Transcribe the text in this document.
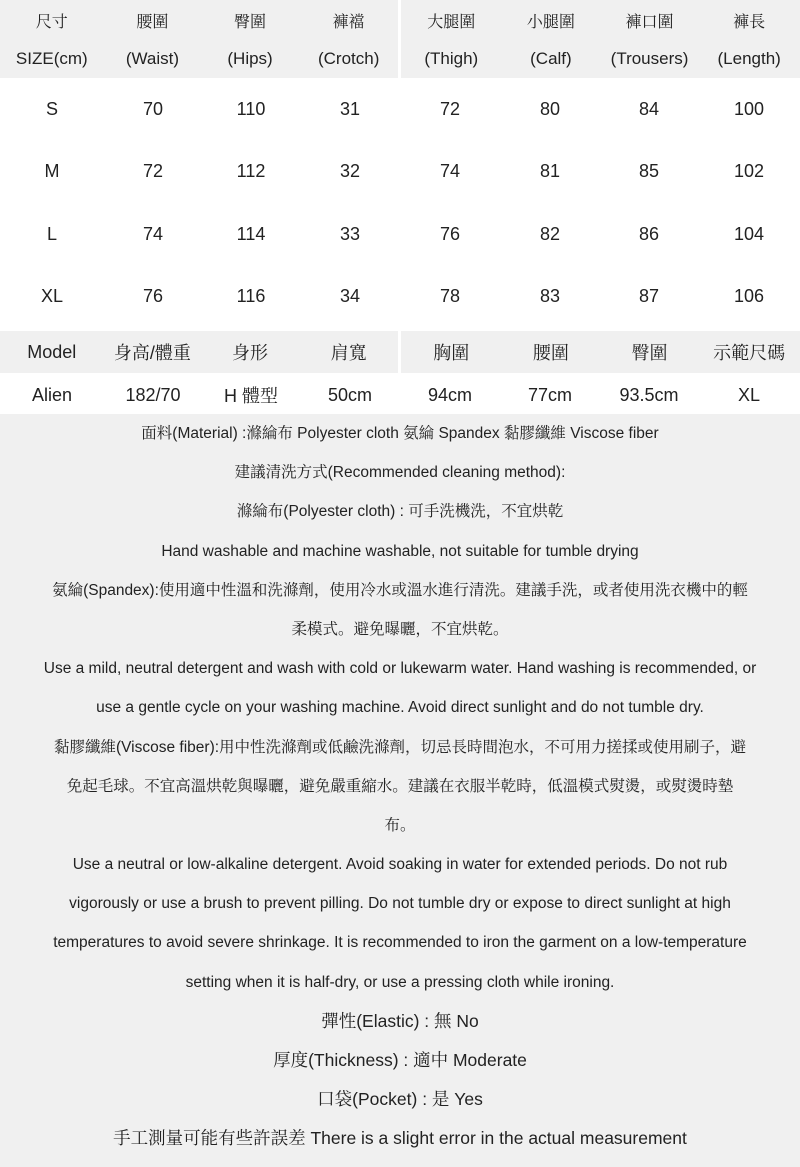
尺寸	腰圍	臀圍	褲襠	大腿圍	小腿圍	褲口圍	褲長
SIZE(cm)	(Waist)	(Hips)	(Crotch)	(Thigh)	(Calf)	(Trousers)	(Length)
S	70	110	31	72	80	84	100
M	72	112	32	74	81	85	102
L	74	114	33	76	82	86	104
XL	76	116	34	78	83	87	106
Model	身高/體重	身形	肩寬	胸圍	腰圍	臀圍	示範尺碼
Alien	182/70	H 體型	50cm	94cm	77cm	93.5cm	XL
面料(Material) :滌綸布 Polyester cloth 氨綸 Spandex 黏膠纖維 Viscose fiber
建議清洗方式(Recommended cleaning method):
滌綸布(Polyester cloth) : 可手洗機洗，不宜烘乾
Hand washable and machine washable, not suitable for tumble drying
氨綸(Spandex):使用適中性溫和洗滌劑，使用冷水或溫水進行清洗。建議手洗，或者使用洗衣機中的輕
柔模式。避免曝曬，不宜烘乾。
Use a mild, neutral detergent and wash with cold or lukewarm water. Hand washing is recommended, or
use a gentle cycle on your washing machine. Avoid direct sunlight and do not tumble dry.
黏膠纖維(Viscose fiber):用中性洗滌劑或低鹼洗滌劑，切忌長時間泡水，不可用力搓揉或使用刷子，避
免起毛球。不宜高溫烘乾與曝曬，避免嚴重縮水。建議在衣服半乾時，低溫模式熨燙，或熨燙時墊
布。
Use a neutral or low-alkaline detergent. Avoid soaking in water for extended periods. Do not rub
vigorously or use a brush to prevent pilling. Do not tumble dry or expose to direct sunlight at high
temperatures to avoid severe shrinkage. It is recommended to iron the garment on a low-temperature
setting when it is half-dry, or use a pressing cloth while ironing.
彈性(Elastic) : 無 No
厚度(Thickness) : 適中 Moderate
口袋(Pocket) : 是 Yes
手工測量可能有些許誤差 There is a slight error in the actual measurement
